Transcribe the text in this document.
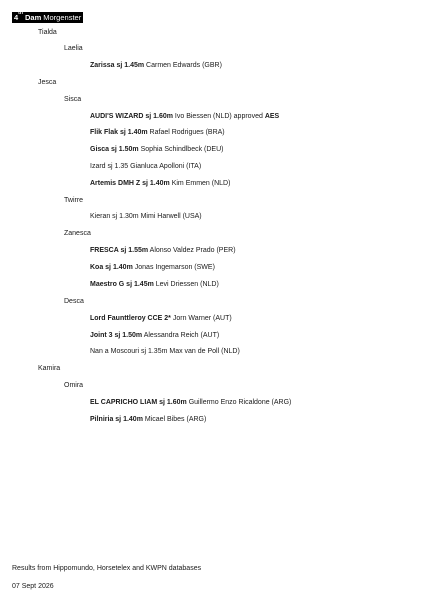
4th Dam Morgenster
Tialda
Laelia
Zarissa sj 1.45m Carmen Edwards (GBR)
Jesca
Sisca
AUDI'S WIZARD sj 1.60m Ivo Biessen (NLD) approved AES
Flik Flak sj 1.40m Rafael Rodrigues (BRA)
Gisca sj 1.50m Sophia Schindlbeck (DEU)
Izard sj 1.35 Gianluca Apolloni (ITA)
Artemis DMH Z sj 1.40m Kim Emmen (NLD)
Twirre
Kieran sj 1.30m Mimi Harwell (USA)
Zanesca
FRESCA sj 1.55m Alonso Valdez Prado (PER)
Koa sj 1.40m Jonas Ingemarson (SWE)
Maestro G sj 1.45m Levi Driessen (NLD)
Desca
Lord Faunttleroy CCE 2* Jorn Warner (AUT)
Joint 3 sj 1.50m Alessandra Reich (AUT)
Nan a Moscouri sj 1.35m Max van de Poll (NLD)
Kamira
Omira
EL CAPRICHO LIAM sj 1.60m Guillermo Enzo Ricaldone (ARG)
Pilniria sj 1.40m Micael Bibes (ARG)
Results from Hippomundo, Horsetelex and KWPN databases
07 Sept 2026
